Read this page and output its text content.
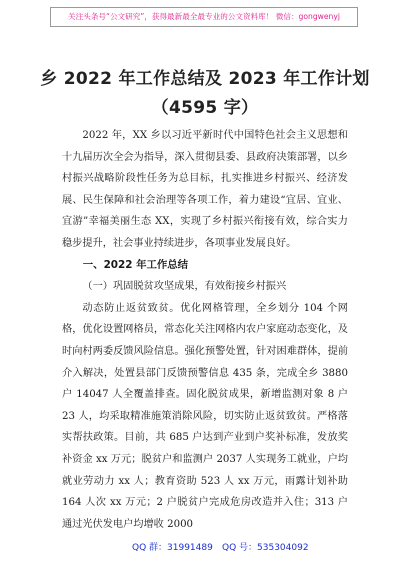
关注头条号“公文研究”，获得最新最全最专业的公文资料库！ 微信：gongwenyj
乡 2022 年工作总结及 2023 年工作计划
（4595 字）

2022 年，XX 乡以习近平新时代中国特色社会主义思想和十九届历次全会为指导，深入贯彻县委、县政府决策部署，以乡村振兴战略阶段性任务为总目标，扎实推进乡村振兴、经济发展、民生保障和社会治理等各项工作，着力建设“宜居、宜业、宜游”幸福美丽生态 XX，实现了乡村振兴衔接有效，综合实力稳步提升，社会事业持续进步，各项事业发展良好。

一、2022 年工作总结

（一）巩固脱贫攻坚成果，有效衔接乡村振兴

动态防止返贫致贫。优化网格管理，全乡划分 104 个网格，优化设置网格员，常态化关注网格内农户家庭动态变化，及时向村两委反馈风险信息。强化预警处置，针对困难群体，提前介入解决，处置县部门反馈预警信息 435 条，完成全乡 3880 户 14047 人全覆盖排查。固化脱贫成果，新增监测对象 8 户 23 人，均采取精准施策消除风险，切实防止返贫致贫。严格落实帮扶政策。目前，共 685 户达到产业到户奖补标准，发放奖补资金 xx 万元；脱贫户和监测户 2037 人实现务工就业，户均就业劳动力 xx 人；教育资助 523 人 xx 万元，雨露计划补助 164 人次 xx 万元；2 户脱贫户完成危房改造并入住；313 户通过光伏发电户均增收 2000

QQ 群：31991489 QQ 号：535304092
